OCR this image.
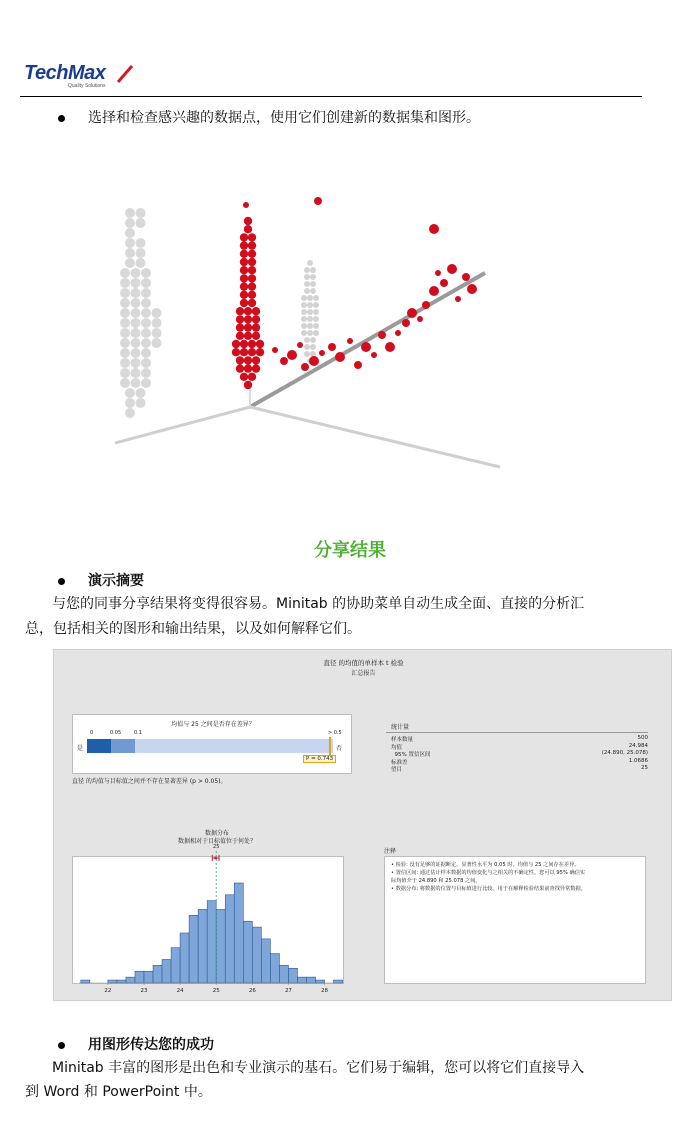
TechMax
Quality Solutions
选择和检查感兴趣的数据点，使用它们创建新的数据集和图形。
分享结果
演示摘要
与您的同事分享结果将变得很容易。Minitab 的协助菜单自动生成全面、直接的分析汇
总，包括相关的图形和输出结果，以及如何解释它们。
直径 的均值的单样本 t 检验
汇总报告
均值与 25 之间是否存在差异？
0	0.05	0.1	> 0.5
是	否
P = 0.743
直径 的均值与目标值之间并不存在显著差异 (p > 0.05)。
统计量
样本数量	500
均值	24.984
95% 置信区间	(24.890, 25.078)
标准差	1.0686
望目	25
数据分布
数据相对于目标值位于何处？
22	23	24	25	26	27	28
25
注释
• 检验: 没有足够的证据断定，显著性水平为 0.05 时，均值与 25 之间存在差异。
• 置信区间: 通过估计样本数据的均值变化与之相关的不确定性。您可以 95% 确信实
际均值介于 24.890 和 25.078 之间。
• 数据分布: 将数据的位置与目标值进行比较。用于在解释检验结果前查找异常数据。
用图形传达您的成功
Minitab 丰富的图形是出色和专业演示的基石。它们易于编辑，您可以将它们直接导入
到 Word 和 PowerPoint 中。
